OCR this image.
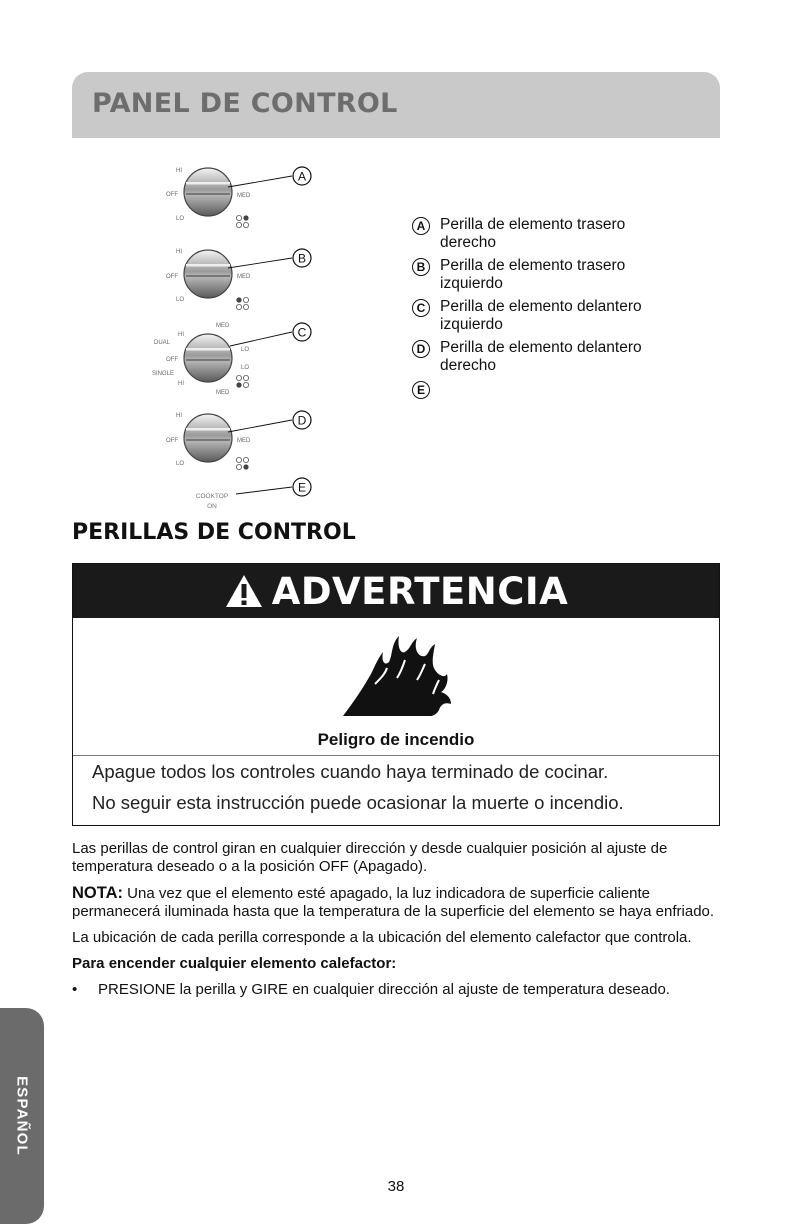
PANEL DE CONTROL
HI
OFF	MED
LO
A
HI
OFF	MED
LO
B
MED
HI
DUAL
OFF
SINGLE
HI
LO
LO
MED
C
HI
OFF	MED
LO
D
COOKTOP
ON
E
A Perilla de elemento trasero derecho
B Perilla de elemento trasero izquierdo
C Perilla de elemento delantero izquierdo
D Perilla de elemento delantero derecho
E
PERILLAS DE CONTROL
ADVERTENCIA
Peligro de incendio
Apague todos los controles cuando haya terminado de cocinar.
No seguir esta instrucción puede ocasionar la muerte o incendio.

Las perillas de control giran en cualquier dirección y desde cualquier posición al ajuste de temperatura deseado o a la posición OFF (Apagado).

NOTA: Una vez que el elemento esté apagado, la luz indicadora de superficie caliente permanecerá iluminada hasta que la temperatura de la superficie del elemento se haya enfriado.

La ubicación de cada perilla corresponde a la ubicación del elemento calefactor que controla.

Para encender cualquier elemento calefactor:

•	PRESIONE la perilla y GIRE en cualquier dirección al ajuste de temperatura deseado.
ESPAÑOL
38
